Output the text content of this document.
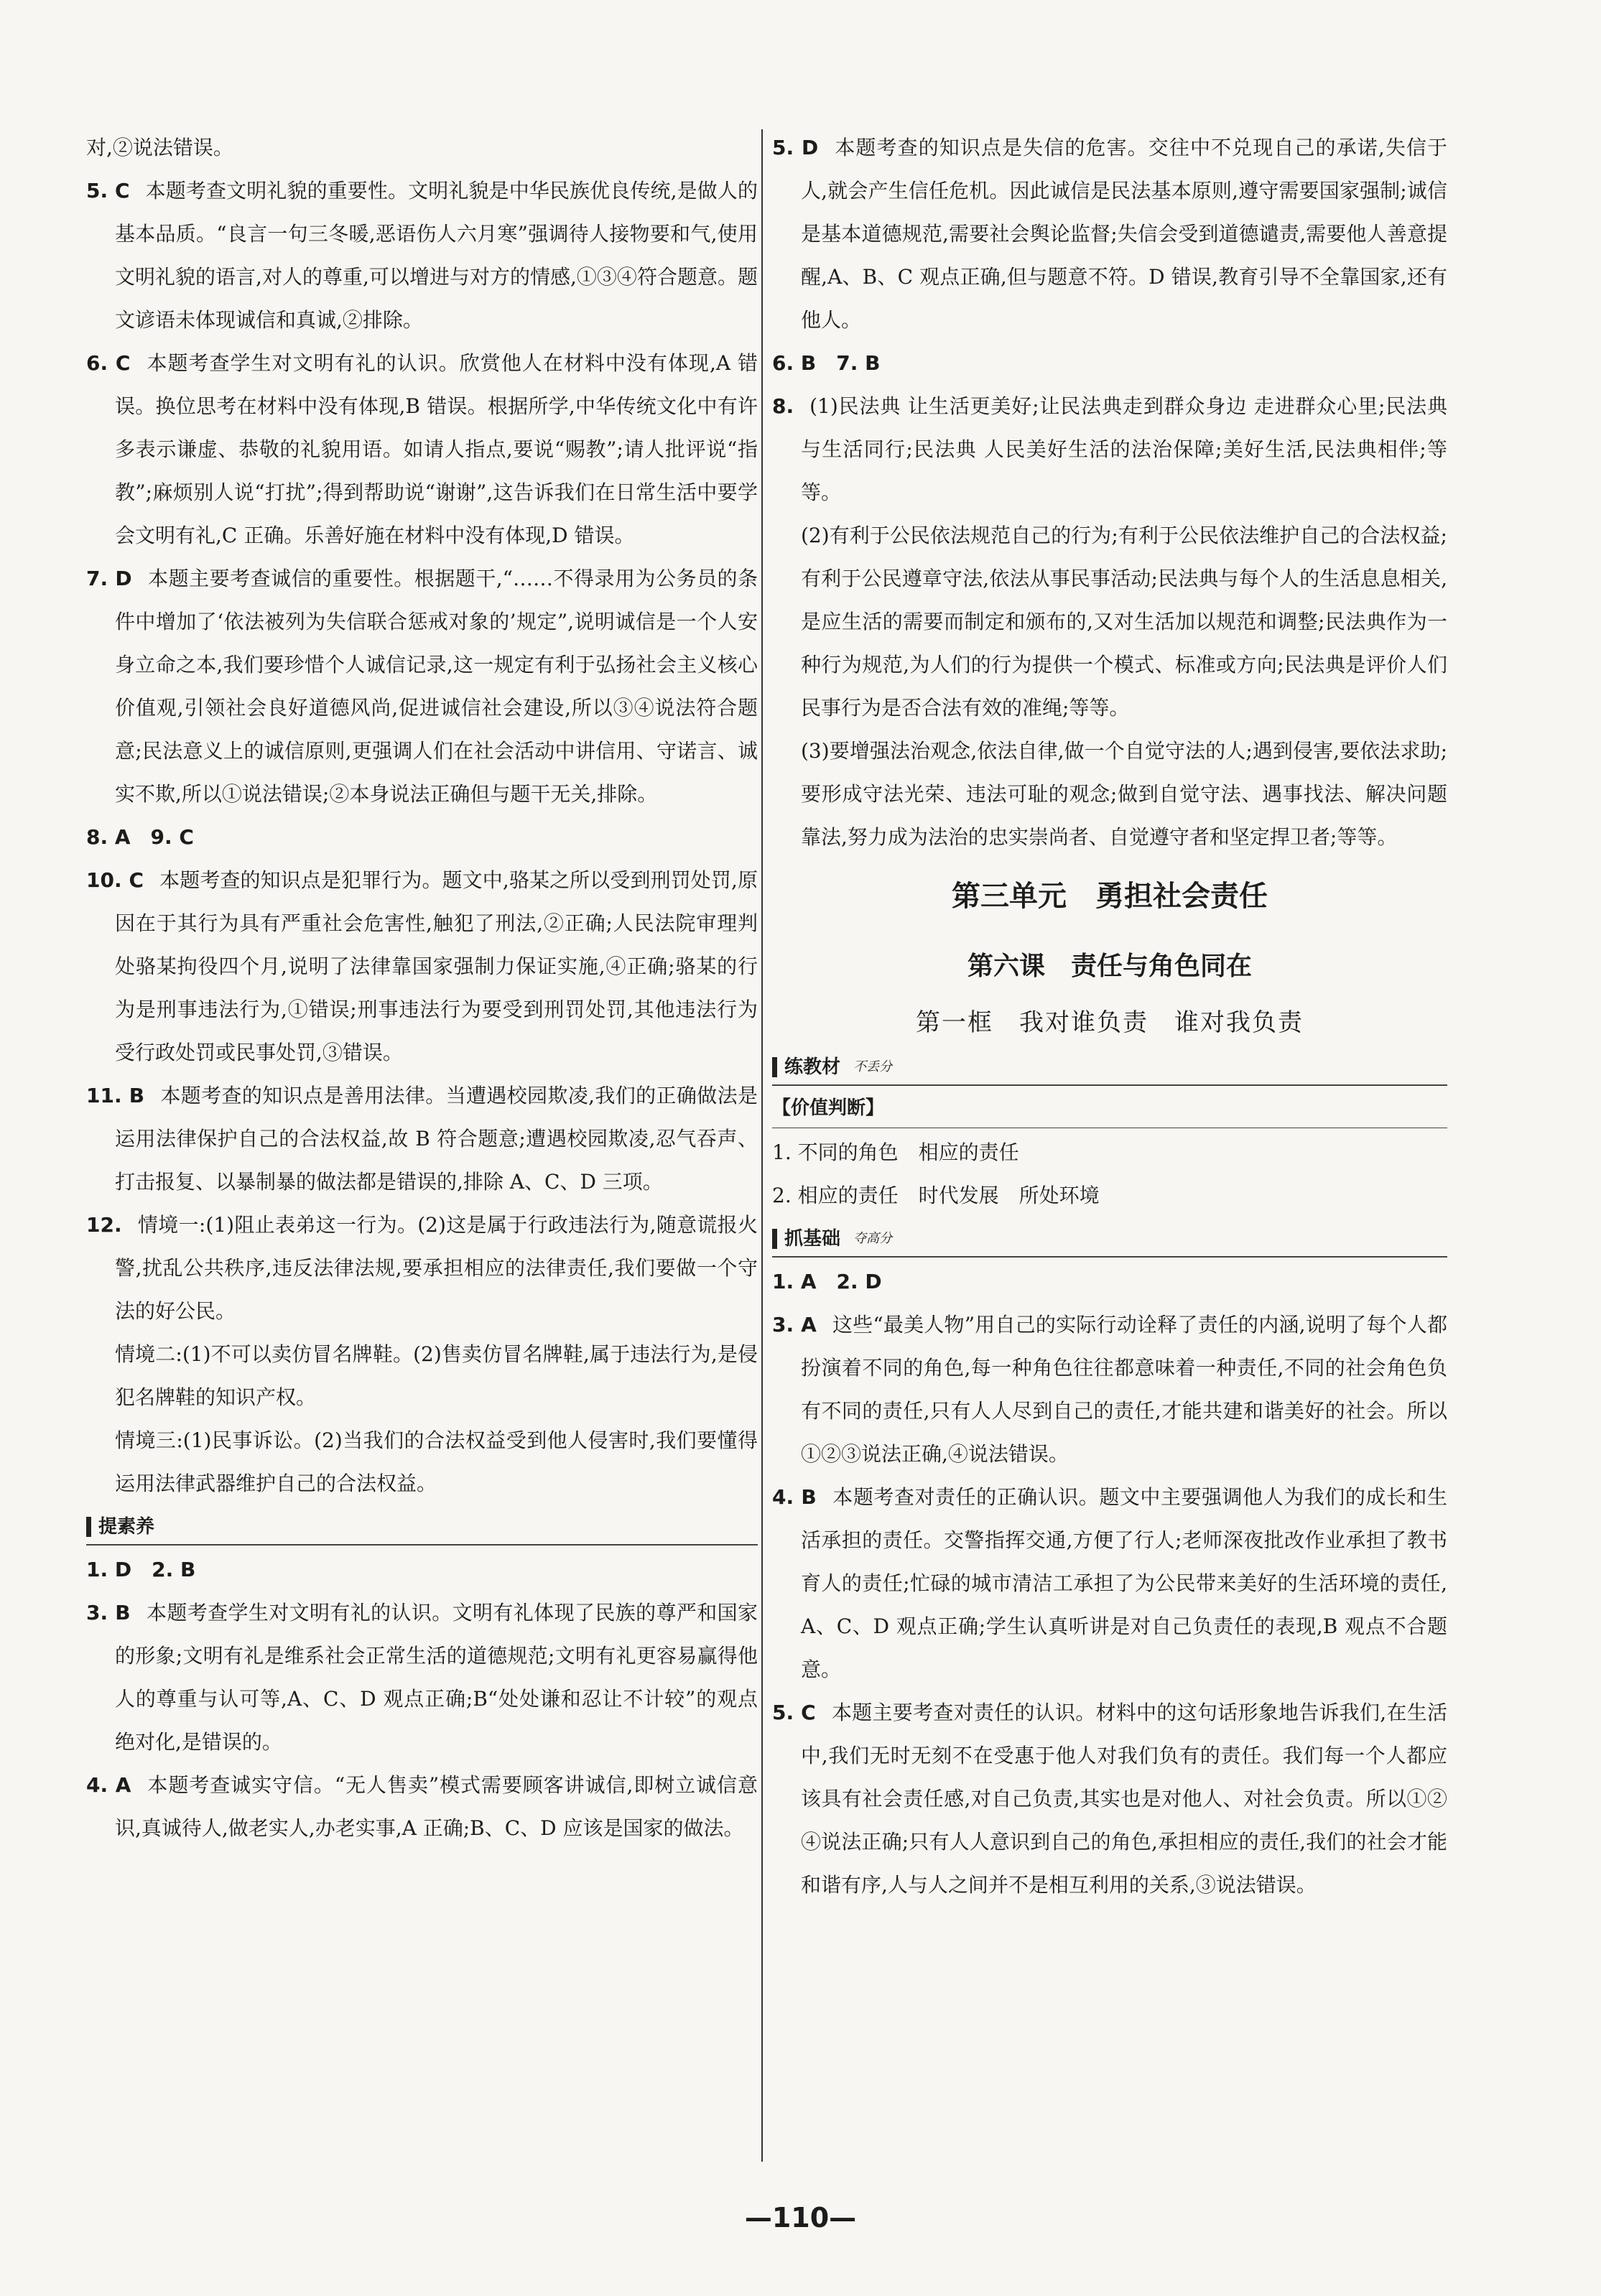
对,②说法错误。

5. C 本题考查文明礼貌的重要性。文明礼貌是中华民族优良传统,是做人的基本品质。“良言一句三冬暖,恶语伤人六月寒”强调待人接物要和气,使用文明礼貌的语言,对人的尊重,可以增进与对方的情感,①③④符合题意。题文谚语未体现诚信和真诚,②排除。

6. C 本题考查学生对文明有礼的认识。欣赏他人在材料中没有体现,A 错误。换位思考在材料中没有体现,B 错误。根据所学,中华传统文化中有许多表示谦虚、恭敬的礼貌用语。如请人指点,要说“赐教”;请人批评说“指教”;麻烦别人说“打扰”;得到帮助说“谢谢”,这告诉我们在日常生活中要学会文明有礼,C 正确。乐善好施在材料中没有体现,D 错误。

7. D 本题主要考查诚信的重要性。根据题干,“……不得录用为公务员的条件中增加了‘依法被列为失信联合惩戒对象的’规定”,说明诚信是一个人安身立命之本,我们要珍惜个人诚信记录,这一规定有利于弘扬社会主义核心价值观,引领社会良好道德风尚,促进诚信社会建设,所以③④说法符合题意;民法意义上的诚信原则,更强调人们在社会活动中讲信用、守诺言、诚实不欺,所以①说法错误;②本身说法正确但与题干无关,排除。

8. A　9. C

10. C 本题考查的知识点是犯罪行为。题文中,骆某之所以受到刑罚处罚,原因在于其行为具有严重社会危害性,触犯了刑法,②正确;人民法院审理判处骆某拘役四个月,说明了法律靠国家强制力保证实施,④正确;骆某的行为是刑事违法行为,①错误;刑事违法行为要受到刑罚处罚,其他违法行为受行政处罚或民事处罚,③错误。

11. B 本题考查的知识点是善用法律。当遭遇校园欺凌,我们的正确做法是运用法律保护自己的合法权益,故 B 符合题意;遭遇校园欺凌,忍气吞声、打击报复、以暴制暴的做法都是错误的,排除 A、C、D 三项。

12. 情境一:(1)阻止表弟这一行为。(2)这是属于行政违法行为,随意谎报火警,扰乱公共秩序,违反法律法规,要承担相应的法律责任,我们要做一个守法的好公民。

情境二:(1)不可以卖仿冒名牌鞋。(2)售卖仿冒名牌鞋,属于违法行为,是侵犯名牌鞋的知识产权。

情境三:(1)民事诉讼。(2)当我们的合法权益受到他人侵害时,我们要懂得运用法律武器维护自己的合法权益。

提素养

1. D　2. B

3. B 本题考查学生对文明有礼的认识。文明有礼体现了民族的尊严和国家的形象;文明有礼是维系社会正常生活的道德规范;文明有礼更容易赢得他人的尊重与认可等,A、C、D 观点正确;B“处处谦和忍让不计较”的观点绝对化,是错误的。

4. A 本题考查诚实守信。“无人售卖”模式需要顾客讲诚信,即树立诚信意识,真诚待人,做老实人,办老实事,A 正确;B、C、D 应该是国家的做法。

5. D 本题考查的知识点是失信的危害。交往中不兑现自己的承诺,失信于人,就会产生信任危机。因此诚信是民法基本原则,遵守需要国家强制;诚信是基本道德规范,需要社会舆论监督;失信会受到道德谴责,需要他人善意提醒,A、B、C 观点正确,但与题意不符。D 错误,教育引导不全靠国家,还有他人。

6. B　7. B

8. (1)民法典 让生活更美好;让民法典走到群众身边 走进群众心里;民法典与生活同行;民法典 人民美好生活的法治保障;美好生活,民法典相伴;等等。

(2)有利于公民依法规范自己的行为;有利于公民依法维护自己的合法权益;有利于公民遵章守法,依法从事民事活动;民法典与每个人的生活息息相关,是应生活的需要而制定和颁布的,又对生活加以规范和调整;民法典作为一种行为规范,为人们的行为提供一个模式、标准或方向;民法典是评价人们民事行为是否合法有效的准绳;等等。

(3)要增强法治观念,依法自律,做一个自觉守法的人;遇到侵害,要依法求助;要形成守法光荣、违法可耻的观念;做到自觉守法、遇事找法、解决问题靠法,努力成为法治的忠实崇尚者、自觉遵守者和坚定捍卫者;等等。

第三单元　勇担社会责任
第六课　责任与角色同在
第一框　我对谁负责　谁对我负责
练教材 不丢分
【价值判断】

1. 不同的角色　相应的责任

2. 相应的责任　时代发展　所处环境

抓基础 夺高分

1. A　2. D

3. A 这些“最美人物”用自己的实际行动诠释了责任的内涵,说明了每个人都扮演着不同的角色,每一种角色往往都意味着一种责任,不同的社会角色负有不同的责任,只有人人尽到自己的责任,才能共建和谐美好的社会。所以①②③说法正确,④说法错误。

4. B 本题考查对责任的正确认识。题文中主要强调他人为我们的成长和生活承担的责任。交警指挥交通,方便了行人;老师深夜批改作业承担了教书育人的责任;忙碌的城市清洁工承担了为公民带来美好的生活环境的责任,A、C、D 观点正确;学生认真听讲是对自己负责任的表现,B 观点不合题意。

5. C 本题主要考查对责任的认识。材料中的这句话形象地告诉我们,在生活中,我们无时无刻不在受惠于他人对我们负有的责任。我们每一个人都应该具有社会责任感,对自己负责,其实也是对他人、对社会负责。所以①②④说法正确;只有人人意识到自己的角色,承担相应的责任,我们的社会才能和谐有序,人与人之间并不是相互利用的关系,③说法错误。

—110—
